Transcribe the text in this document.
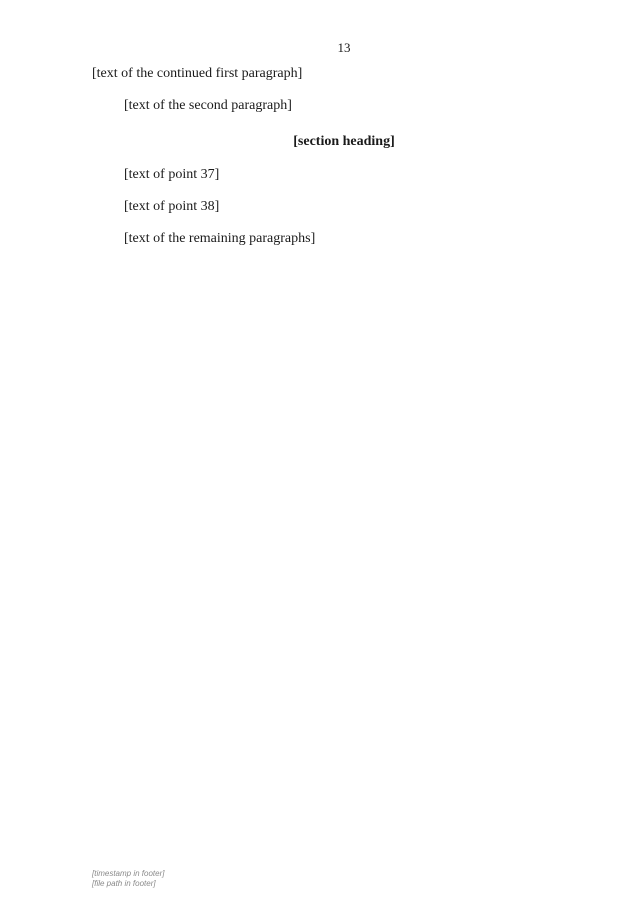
13
[text of the continued first paragraph]
[text of the second paragraph]
[section heading]
[text of point 37]
[text of point 38]
[text of the remaining paragraphs]
[timestamp in footer]
[file path in footer]
